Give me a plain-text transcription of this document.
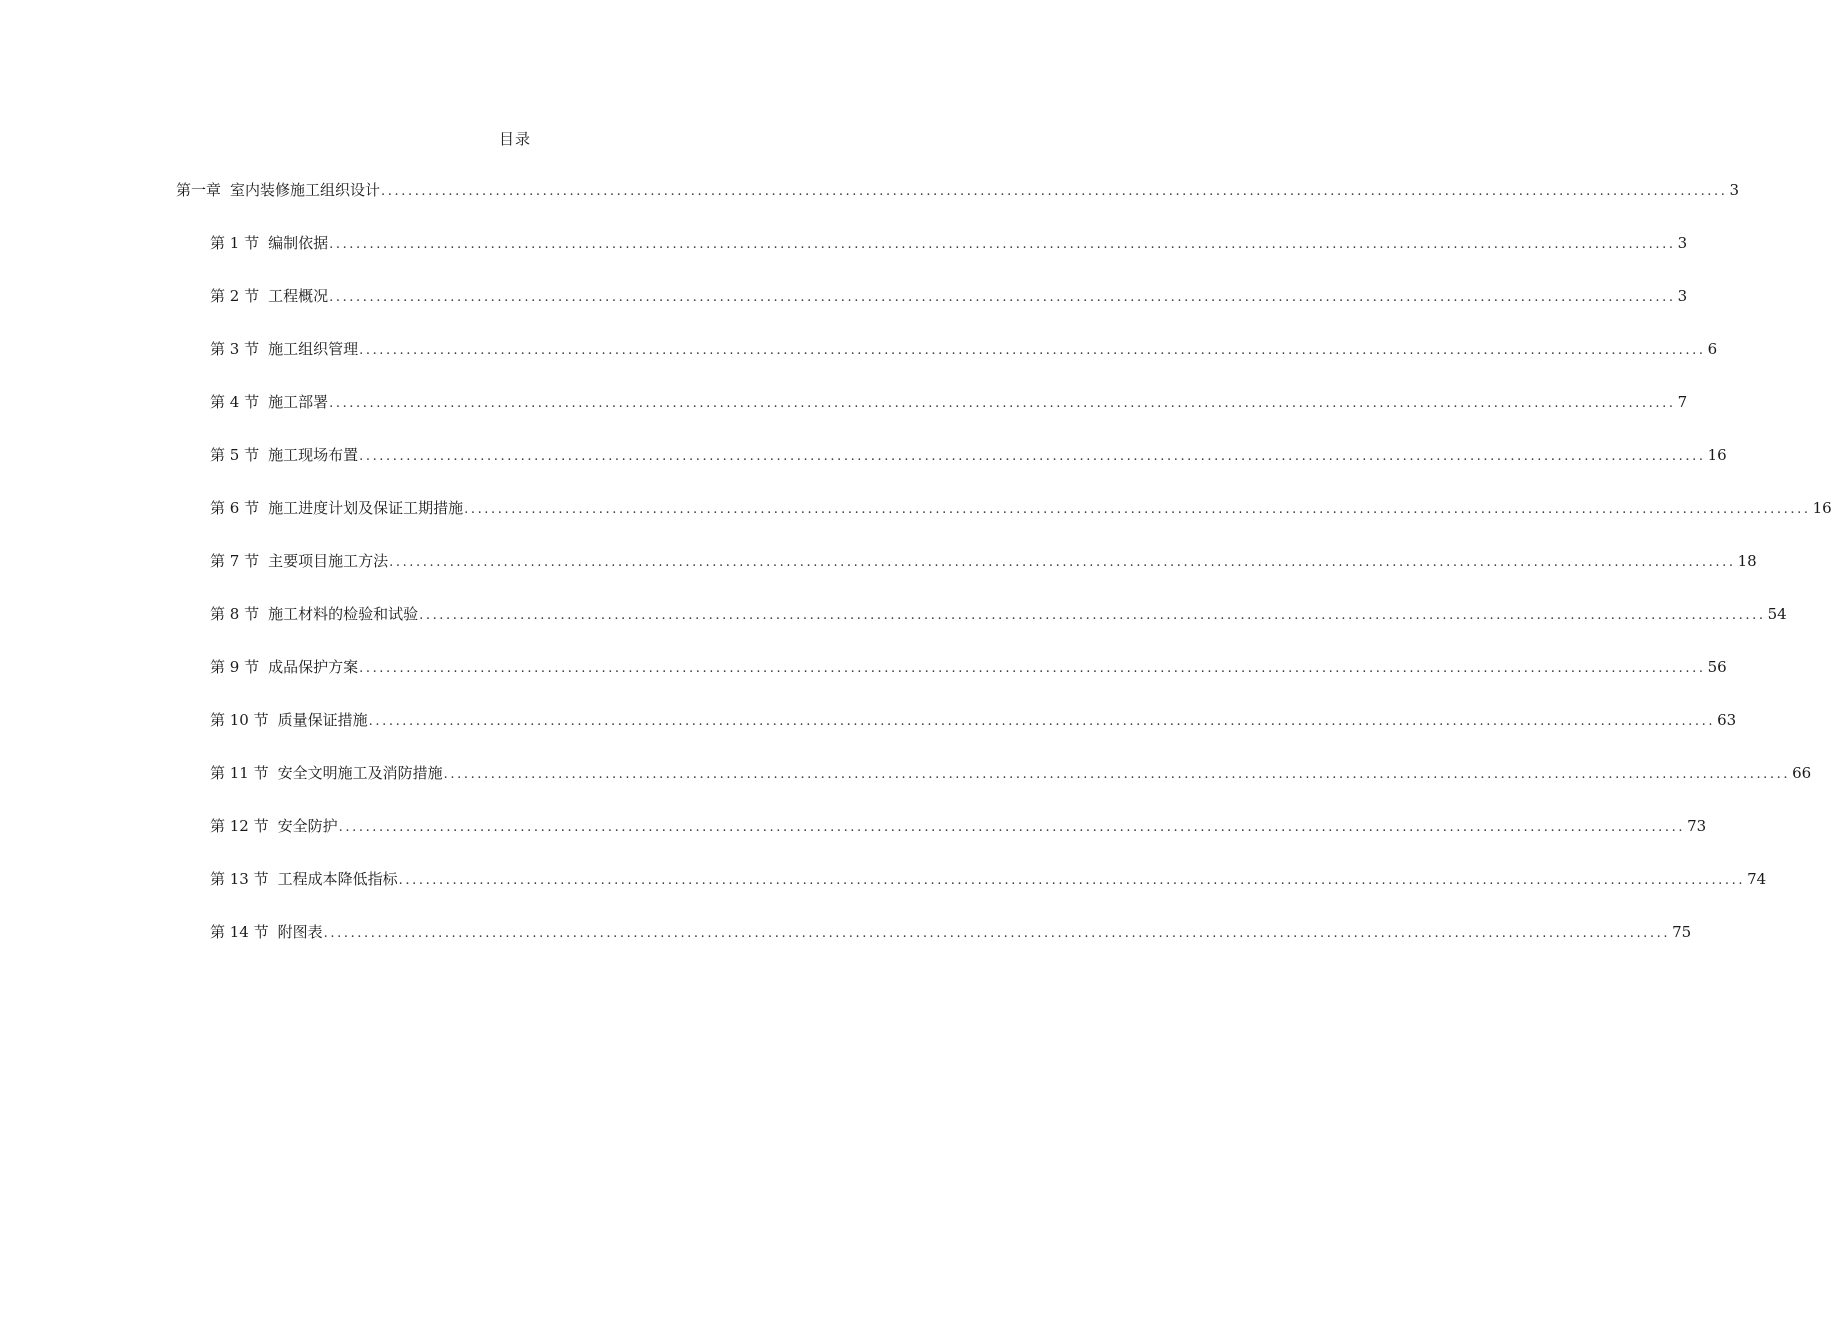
目录
第一章 室内装修施工组织设计 ........................................................................................................................................................................................................ 3
第 1 节 编制依据 ........................................................................................................................................................................................................ 3
第 2 节 工程概况 ........................................................................................................................................................................................................ 3
第 3 节 施工组织管理 ........................................................................................................................................................................................................ 6
第 4 节 施工部署 ........................................................................................................................................................................................................ 7
第 5 节 施工现场布置 ........................................................................................................................................................................................................ 16
第 6 节 施工进度计划及保证工期措施 ........................................................................................................................................................................................................ 16
第 7 节 主要项目施工方法 ........................................................................................................................................................................................................ 18
第 8 节 施工材料的检验和试验 ........................................................................................................................................................................................................ 54
第 9 节 成品保护方案 ........................................................................................................................................................................................................ 56
第 10 节 质量保证措施 ........................................................................................................................................................................................................ 63
第 11 节 安全文明施工及消防措施 ........................................................................................................................................................................................................ 66
第 12 节 安全防护 ........................................................................................................................................................................................................ 73
第 13 节 工程成本降低指标 ........................................................................................................................................................................................................ 74
第 14 节 附图表 ........................................................................................................................................................................................................ 75
